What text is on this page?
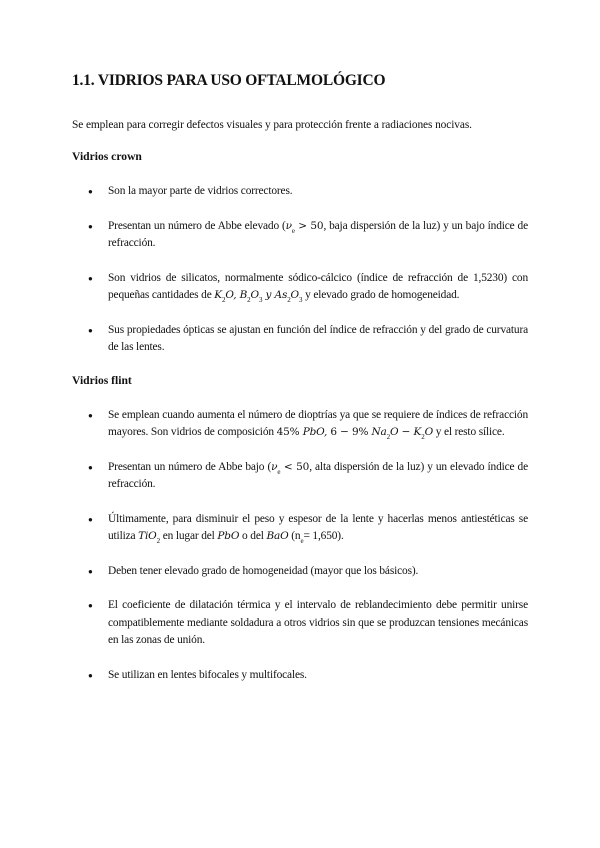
1.1. VIDRIOS PARA USO OFTALMOLÓGICO

Se emplean para corregir defectos visuales y para protección frente a radiaciones nocivas.

Vidrios crown
● Son la mayor parte de vidrios correctores.
● Presentan un número de Abbe elevado ($\nu_e > 50$, baja dispersión de la luz) y un bajo índice de refracción.
● Son vidrios de silicatos, normalmente sódico-cálcico (índice de refracción de 1,5230) con pequeñas cantidades de $K_2O$, $B_2O_3$ y $As_2O_3$ y elevado grado de homogeneidad.
● Sus propiedades ópticas se ajustan en función del índice de refracción y del grado de curvatura de las lentes.
Vidrios flint
● Se emplean cuando aumenta el número de dioptrías ya que se requiere de índices de refracción mayores. Son vidrios de composición 45% PbO, 6 − 9% $Na_2O - K_2O$ y el resto sílice.
● Presentan un número de Abbe bajo ($\nu_e < 50$, alta dispersión de la luz) y un elevado índice de refracción.
● Últimamente, para disminuir el peso y espesor de la lente y hacerlas menos antiestéticas se utiliza TiO$_2$ en lugar del PbO o del BaO $(n_e= 1,650)$.
● Deben tener elevado grado de homogeneidad (mayor que los básicos).
● El coeficiente de dilatación térmica y el intervalo de reblandecimiento debe permitir unirse compatiblemente mediante soldadura a otros vidrios sin que se produzcan tensiones mecánicas en las zonas de unión.
● Se utilizan en lentes bifocales y multifocales.
